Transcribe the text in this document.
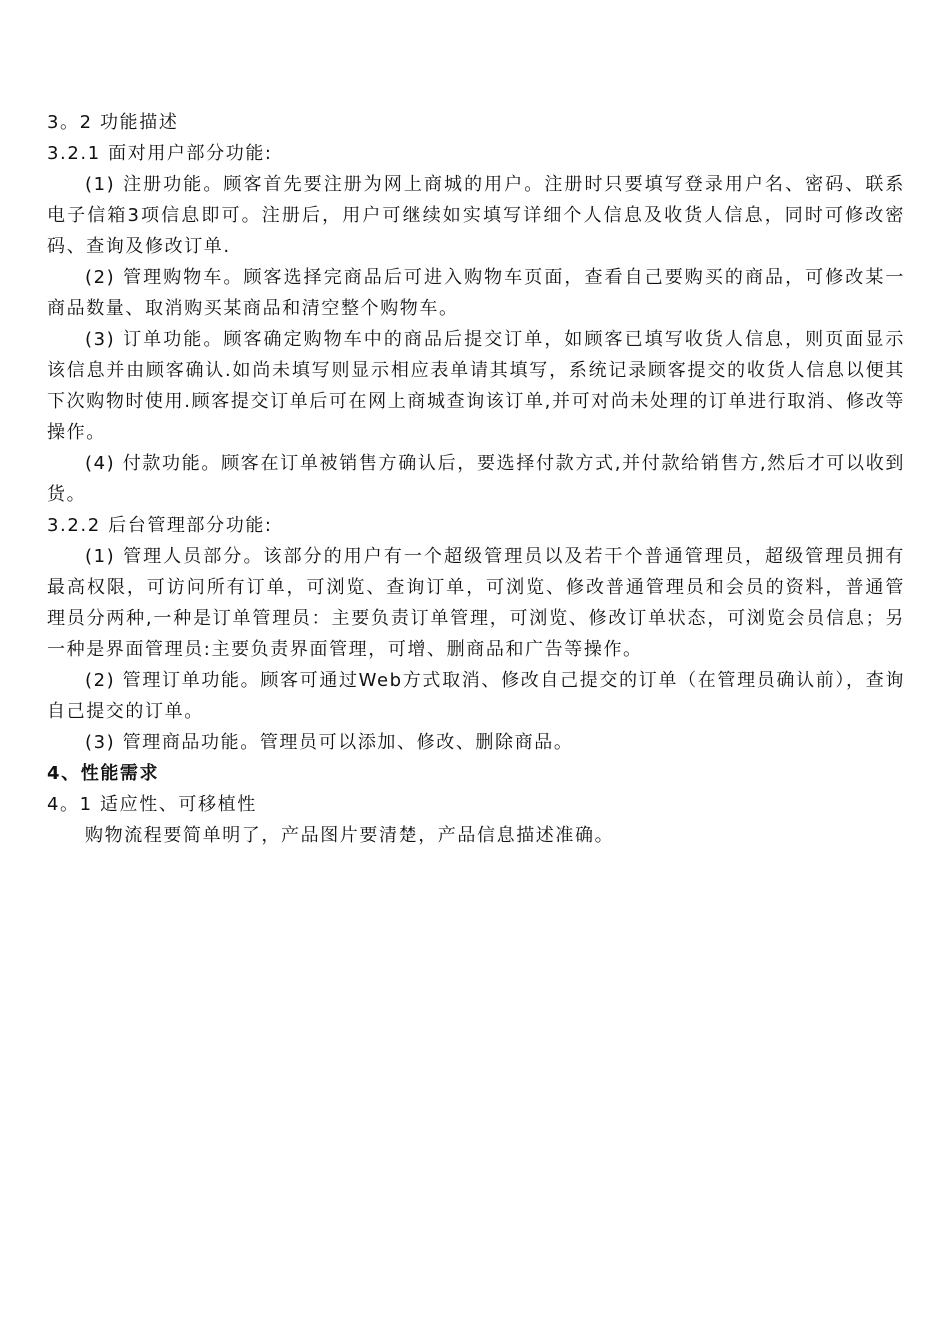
3。2 功能描述

3.2.1 面对用户部分功能:

(1) 注册功能。顾客首先要注册为网上商城的用户。注册时只要填写登录用户名、密码、联系电子信箱3项信息即可。注册后，用户可继续如实填写详细个人信息及收货人信息，同时可修改密码、查询及修改订单.

(2) 管理购物车。顾客选择完商品后可进入购物车页面，查看自己要购买的商品，可修改某一商品数量、取消购买某商品和清空整个购物车。

(3) 订单功能。顾客确定购物车中的商品后提交订单，如顾客已填写收货人信息，则页面显示该信息并由顾客确认.如尚未填写则显示相应表单请其填写，系统记录顾客提交的收货人信息以便其下次购物时使用.顾客提交订单后可在网上商城查询该订单,并可对尚未处理的订单进行取消、修改等操作。

(4) 付款功能。顾客在订单被销售方确认后，要选择付款方式,并付款给销售方,然后才可以收到货。

3.2.2 后台管理部分功能:

(1) 管理人员部分。该部分的用户有一个超级管理员以及若干个普通管理员，超级管理员拥有最高权限，可访问所有订单，可浏览、查询订单，可浏览、修改普通管理员和会员的资料，普通管理员分两种,一种是订单管理员：主要负责订单管理，可浏览、修改订单状态，可浏览会员信息；另一种是界面管理员:主要负责界面管理，可增、删商品和广告等操作。

(2) 管理订单功能。顾客可通过Web方式取消、修改自己提交的订单（在管理员确认前），查询自己提交的订单。

(3) 管理商品功能。管理员可以添加、修改、删除商品。

4、性能需求

4。1 适应性、可移植性

购物流程要简单明了，产品图片要清楚，产品信息描述准确。
